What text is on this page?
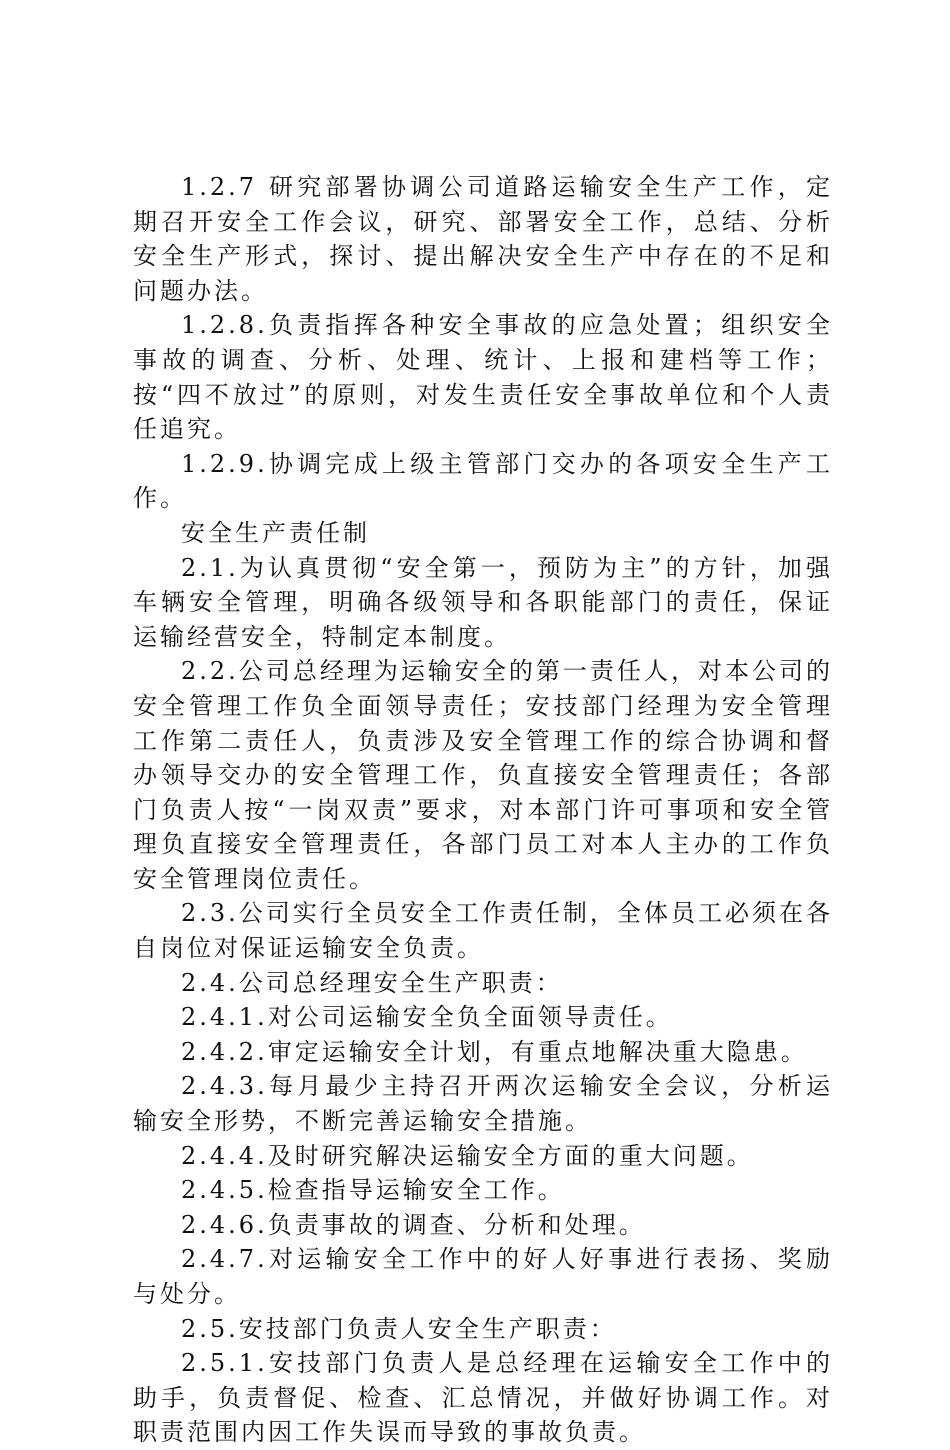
1.2.7 研究部署协调公司道路运输安全生产工作，定期召开安全工作会议，研究、部署安全工作，总结、分析安全生产形式，探讨、提出解决安全生产中存在的不足和问题办法。

1.2.8.负责指挥各种安全事故的应急处置；组织安全事故的调查、分析、处理、统计、上报和建档等工作；按“四不放过”的原则，对发生责任安全事故单位和个人责任追究。

1.2.9.协调完成上级主管部门交办的各项安全生产工作。

安全生产责任制

2.1.为认真贯彻“安全第一，预防为主”的方针，加强车辆安全管理，明确各级领导和各职能部门的责任，保证运输经营安全，特制定本制度。

2.2.公司总经理为运输安全的第一责任人，对本公司的安全管理工作负全面领导责任；安技部门经理为安全管理工作第二责任人，负责涉及安全管理工作的综合协调和督办领导交办的安全管理工作，负直接安全管理责任；各部门负责人按“一岗双责”要求，对本部门许可事项和安全管理负直接安全管理责任，各部门员工对本人主办的工作负安全管理岗位责任。

2.3.公司实行全员安全工作责任制，全体员工必须在各自岗位对保证运输安全负责。

2.4.公司总经理安全生产职责：

2.4.1.对公司运输安全负全面领导责任。

2.4.2.审定运输安全计划，有重点地解决重大隐患。

2.4.3.每月最少主持召开两次运输安全会议，分析运输安全形势，不断完善运输安全措施。

2.4.4.及时研究解决运输安全方面的重大问题。

2.4.5.检查指导运输安全工作。

2.4.6.负责事故的调查、分析和处理。

2.4.7.对运输安全工作中的好人好事进行表扬、奖励与处分。

2.5.安技部门负责人安全生产职责：

2.5.1.安技部门负责人是总经理在运输安全工作中的助手，负责督促、检查、汇总情况，并做好协调工作。对职责范围内因工作失误而导致的事故负责。
